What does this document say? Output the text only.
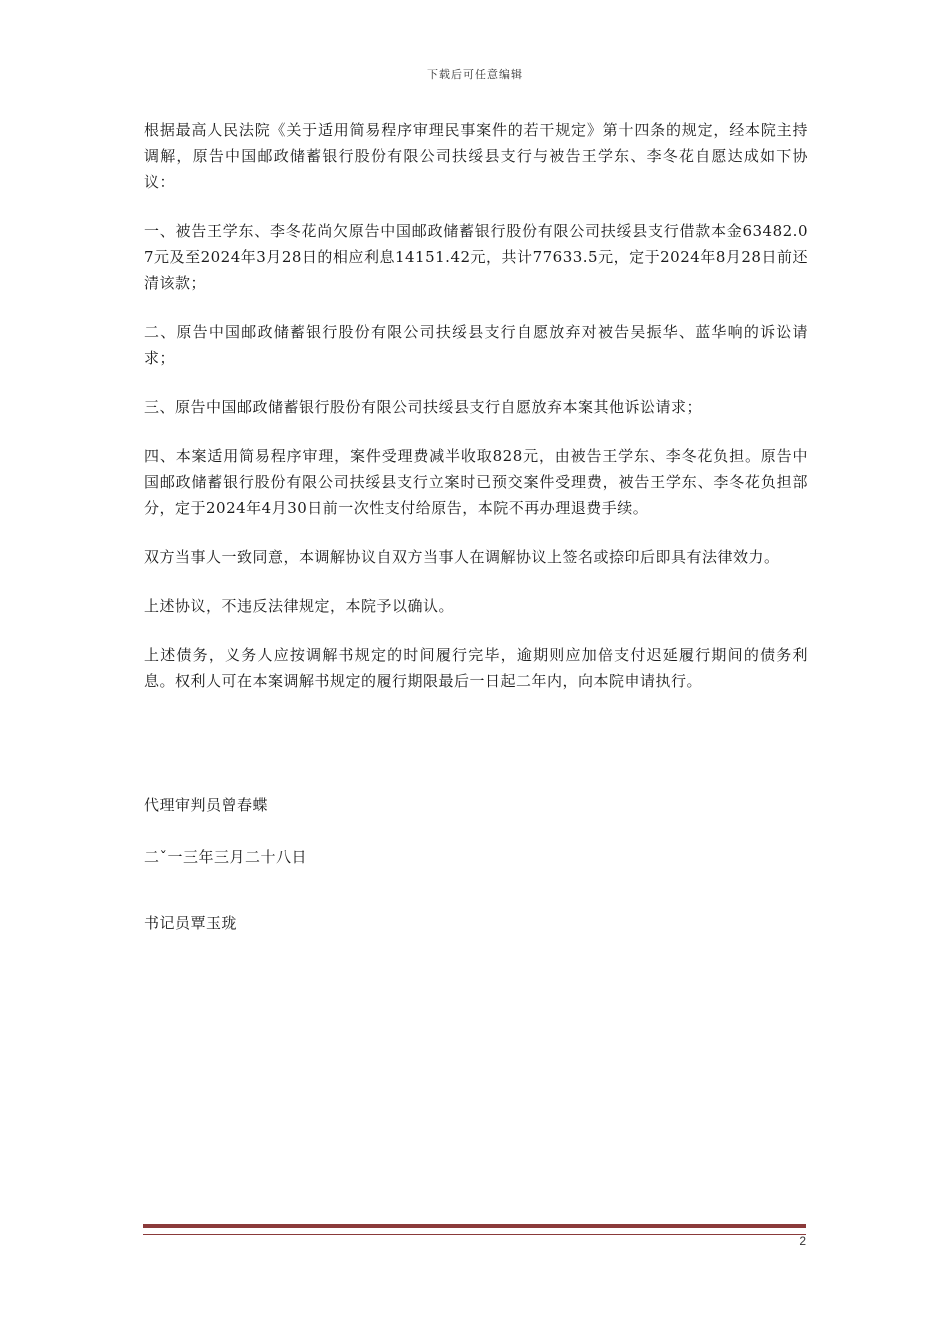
下载后可任意编辑

根据最高人民法院《关于适用简易程序审理民事案件的若干规定》第十四条的规定，经本院主持调解，原告中国邮政储蓄银行股份有限公司扶绥县支行与被告王学东、李冬花自愿达成如下协议：

一、被告王学东、李冬花尚欠原告中国邮政储蓄银行股份有限公司扶绥县支行借款本金63482.07元及至2024年3月28日的相应利息14151.42元，共计77633.5元，定于2024年8月28日前还清该款；

二、原告中国邮政储蓄银行股份有限公司扶绥县支行自愿放弃对被告吴振华、蓝华响的诉讼请求；

三、原告中国邮政储蓄银行股份有限公司扶绥县支行自愿放弃本案其他诉讼请求；

四、本案适用简易程序审理，案件受理费减半收取828元，由被告王学东、李冬花负担。原告中国邮政储蓄银行股份有限公司扶绥县支行立案时已预交案件受理费，被告王学东、李冬花负担部分，定于2024年4月30日前一次性支付给原告，本院不再办理退费手续。

双方当事人一致同意，本调解协议自双方当事人在调解协议上签名或捺印后即具有法律效力。

上述协议，不违反法律规定，本院予以确认。

上述债务，义务人应按调解书规定的时间履行完毕，逾期则应加倍支付迟延履行期间的债务利息。权利人可在本案调解书规定的履行期限最后一日起二年内，向本院申请执行。

代理审判员曾春蝶
二ˇ一三年三月二十八日
书记员覃玉珑
2
